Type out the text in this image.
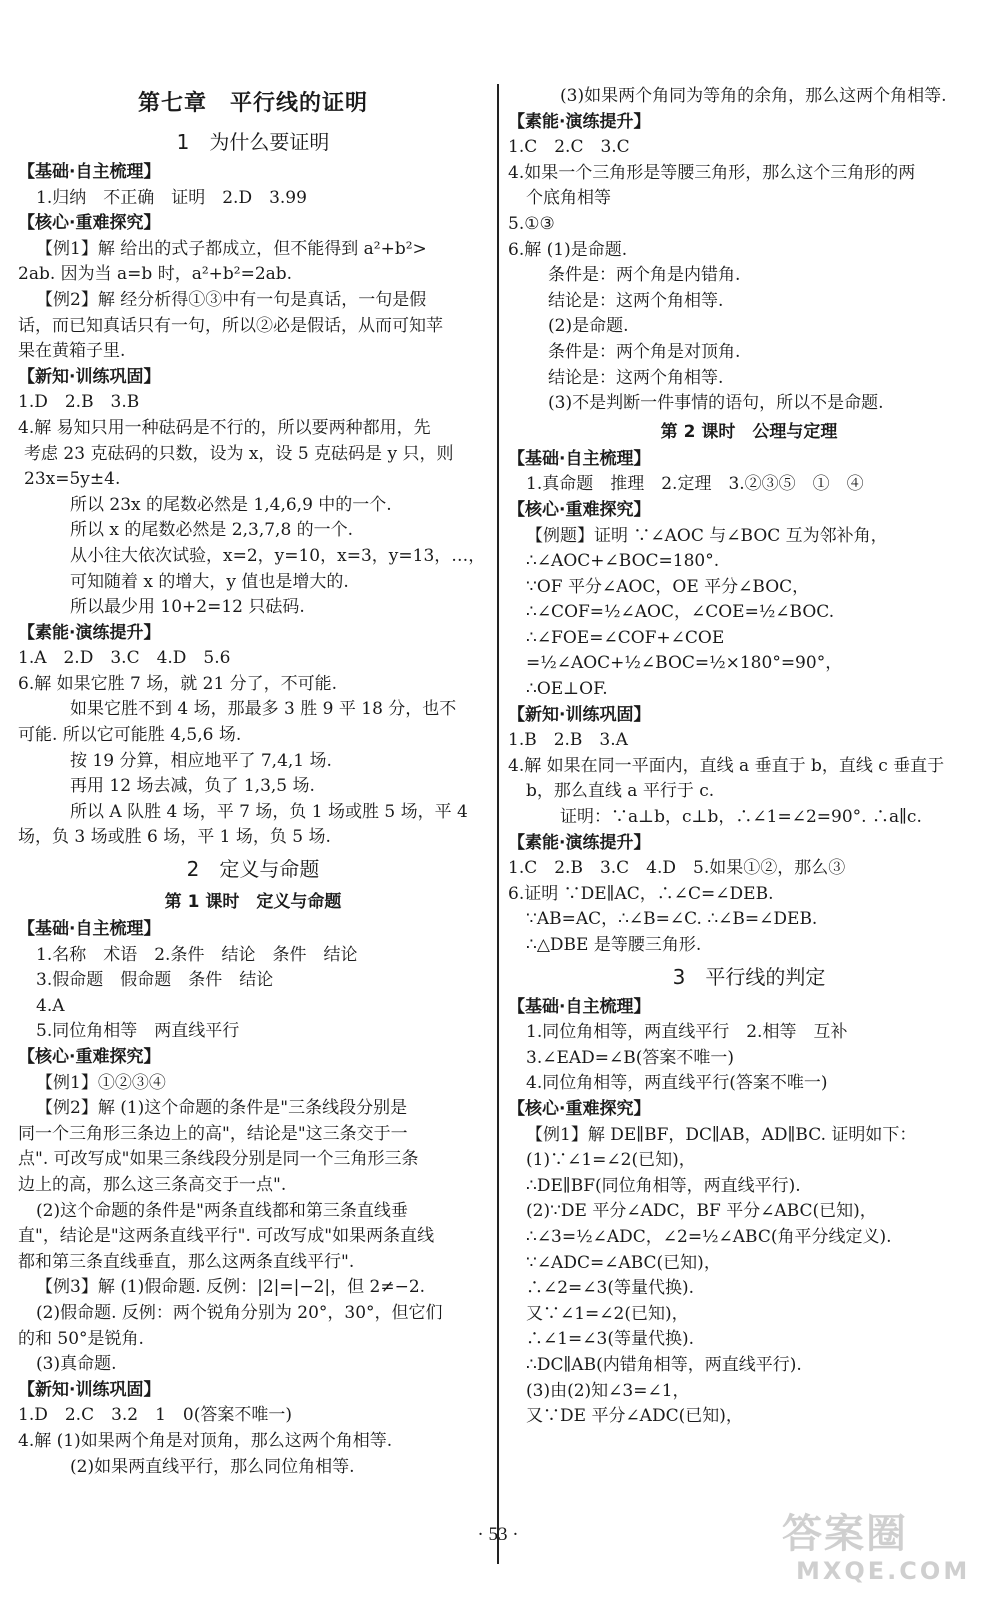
第七章　平行线的证明
1　为什么要证明
【基础·自主梳理】
1.归纳　不正确　证明　2.D　3.99
【核心·重难探究】
【例1】解 给出的式子都成立，但不能得到 a²+b²>
2ab. 因为当 a=b 时，a²+b²=2ab.
【例2】解 经分析得①③中有一句是真话，一句是假
话，而已知真话只有一句，所以②必是假话，从而可知苹
果在黄箱子里.
【新知·训练巩固】
1.D　2.B　3.B
4.解 易知只用一种砝码是不行的，所以要两种都用，先
考虑 23 克砝码的只数，设为 x，设 5 克砝码是 y 只，则
23x=5y±4.
所以 23x 的尾数必然是 1,4,6,9 中的一个.
所以 x 的尾数必然是 2,3,7,8 的一个.
从小往大依次试验，x=2，y=10，x=3，y=13，…，
可知随着 x 的增大，y 值也是增大的.
所以最少用 10+2=12 只砝码.
【素能·演练提升】
1.A　2.D　3.C　4.D　5.6
6.解 如果它胜 7 场，就 21 分了，不可能.
如果它胜不到 4 场，那最多 3 胜 9 平 18 分，也不
可能. 所以它可能胜 4,5,6 场.
按 19 分算，相应地平了 7,4,1 场.
再用 12 场去减，负了 1,3,5 场.
所以 A 队胜 4 场，平 7 场，负 1 场或胜 5 场，平 4
场，负 3 场或胜 6 场，平 1 场，负 5 场.
2　定义与命题
第 1 课时　定义与命题
【基础·自主梳理】
1.名称　术语　2.条件　结论　条件　结论
3.假命题　假命题　条件　结论
4.A
5.同位角相等　两直线平行
【核心·重难探究】
【例1】①②③④
【例2】解 (1)这个命题的条件是"三条线段分别是
同一个三角形三条边上的高"，结论是"这三条交于一
点". 可改写成"如果三条线段分别是同一个三角形三条
边上的高，那么这三条高交于一点".
(2)这个命题的条件是"两条直线都和第三条直线垂
直"，结论是"这两条直线平行". 可改写成"如果两条直线
都和第三条直线垂直，那么这两条直线平行".
【例3】解 (1)假命题. 反例：|2|=|−2|，但 2≠−2.
(2)假命题. 反例：两个锐角分别为 20°，30°，但它们
的和 50°是锐角.
(3)真命题.
【新知·训练巩固】
1.D　2.C　3.2　1　0(答案不唯一)
4.解 (1)如果两个角是对顶角，那么这两个角相等.
(2)如果两直线平行，那么同位角相等.
(3)如果两个角同为等角的余角，那么这两个角相等.
【素能·演练提升】
1.C　2.C　3.C
4.如果一个三角形是等腰三角形，那么这个三角形的两
个底角相等
5.①③
6.解 (1)是命题.
条件是：两个角是内错角.
结论是：这两个角相等.
(2)是命题.
条件是：两个角是对顶角.
结论是：这两个角相等.
(3)不是判断一件事情的语句，所以不是命题.
第 2 课时　公理与定理
【基础·自主梳理】
1.真命题　推理　2.定理　3.②③⑤　①　④
【核心·重难探究】
【例题】证明 ∵∠AOC 与∠BOC 互为邻补角，
∴∠AOC+∠BOC=180°.
∵OF 平分∠AOC，OE 平分∠BOC，
∴∠COF=½∠AOC，∠COE=½∠BOC.
∴∠FOE=∠COF+∠COE
=½∠AOC+½∠BOC=½×180°=90°，
∴OE⊥OF.
【新知·训练巩固】
1.B　2.B　3.A
4.解 如果在同一平面内，直线 a 垂直于 b，直线 c 垂直于
b，那么直线 a 平行于 c.
证明：∵a⊥b，c⊥b，∴∠1=∠2=90°. ∴a∥c.
【素能·演练提升】
1.C　2.B　3.C　4.D　5.如果①②，那么③
6.证明 ∵DE∥AC，∴∠C=∠DEB.
∵AB=AC，∴∠B=∠C. ∴∠B=∠DEB.
∴△DBE 是等腰三角形.
3　平行线的判定
【基础·自主梳理】
1.同位角相等，两直线平行　2.相等　互补
3.∠EAD=∠B(答案不唯一)
4.同位角相等，两直线平行(答案不唯一)
【核心·重难探究】
【例1】解 DE∥BF，DC∥AB，AD∥BC. 证明如下：
(1)∵∠1=∠2(已知)，
∴DE∥BF(同位角相等，两直线平行).
(2)∵DE 平分∠ADC，BF 平分∠ABC(已知)，
∴∠3=½∠ADC，∠2=½∠ABC(角平分线定义).
∵∠ADC=∠ABC(已知)，
∴∠2=∠3(等量代换).
又∵∠1=∠2(已知)，
∴∠1=∠3(等量代换).
∴DC∥AB(内错角相等，两直线平行).
(3)由(2)知∠3=∠1，
又∵DE 平分∠ADC(已知)，
· 53 ·	答案圈
MXQE.COM
